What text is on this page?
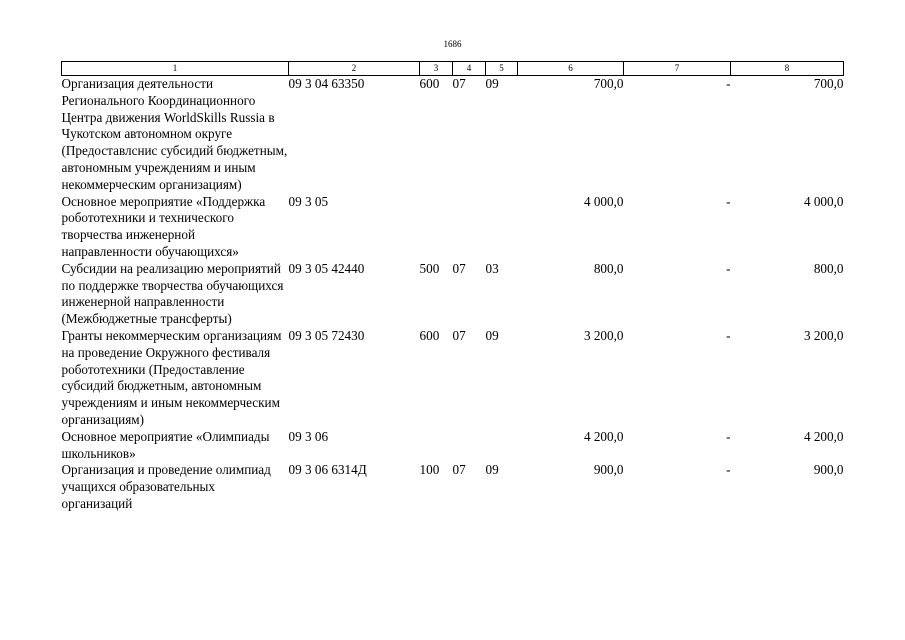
1686
1	2	3	4	5	6	7	8
Организация деятельности Регионального Координационного Центра движения WorldSkills Russia в Чукотском автономном округе (Предоставлснис субсидий бюджетным, автономным учреждениям и иным некоммерческим организациям)	09 3 04 63350	600	07	09	700,0	-	700,0
Основное мероприятие «Поддержка робототехники и технического творчества инженерной направленности обучающихся»	09 3 05				4 000,0	-	4 000,0
Субсидии на реализацию мероприятий по поддержке творчества обучающихся инженерной направленности (Межбюджетные трансферты)	09 3 05 42440	500	07	03	800,0	-	800,0
Гранты некоммерческим организациям на проведение Окружного фестиваля робототехники (Предоставление субсидий бюджетным, автономным учреждениям и иным некоммерческим организациям)	09 3 05 72430	600	07	09	3 200,0	-	3 200,0
Основное мероприятие «Олимпиады школьников»	09 3 06				4 200,0	-	4 200,0
Организация и проведение олимпиад учащихся образовательных организаций	09 3 06 6314Д	100	07	09	900,0	-	900,0
